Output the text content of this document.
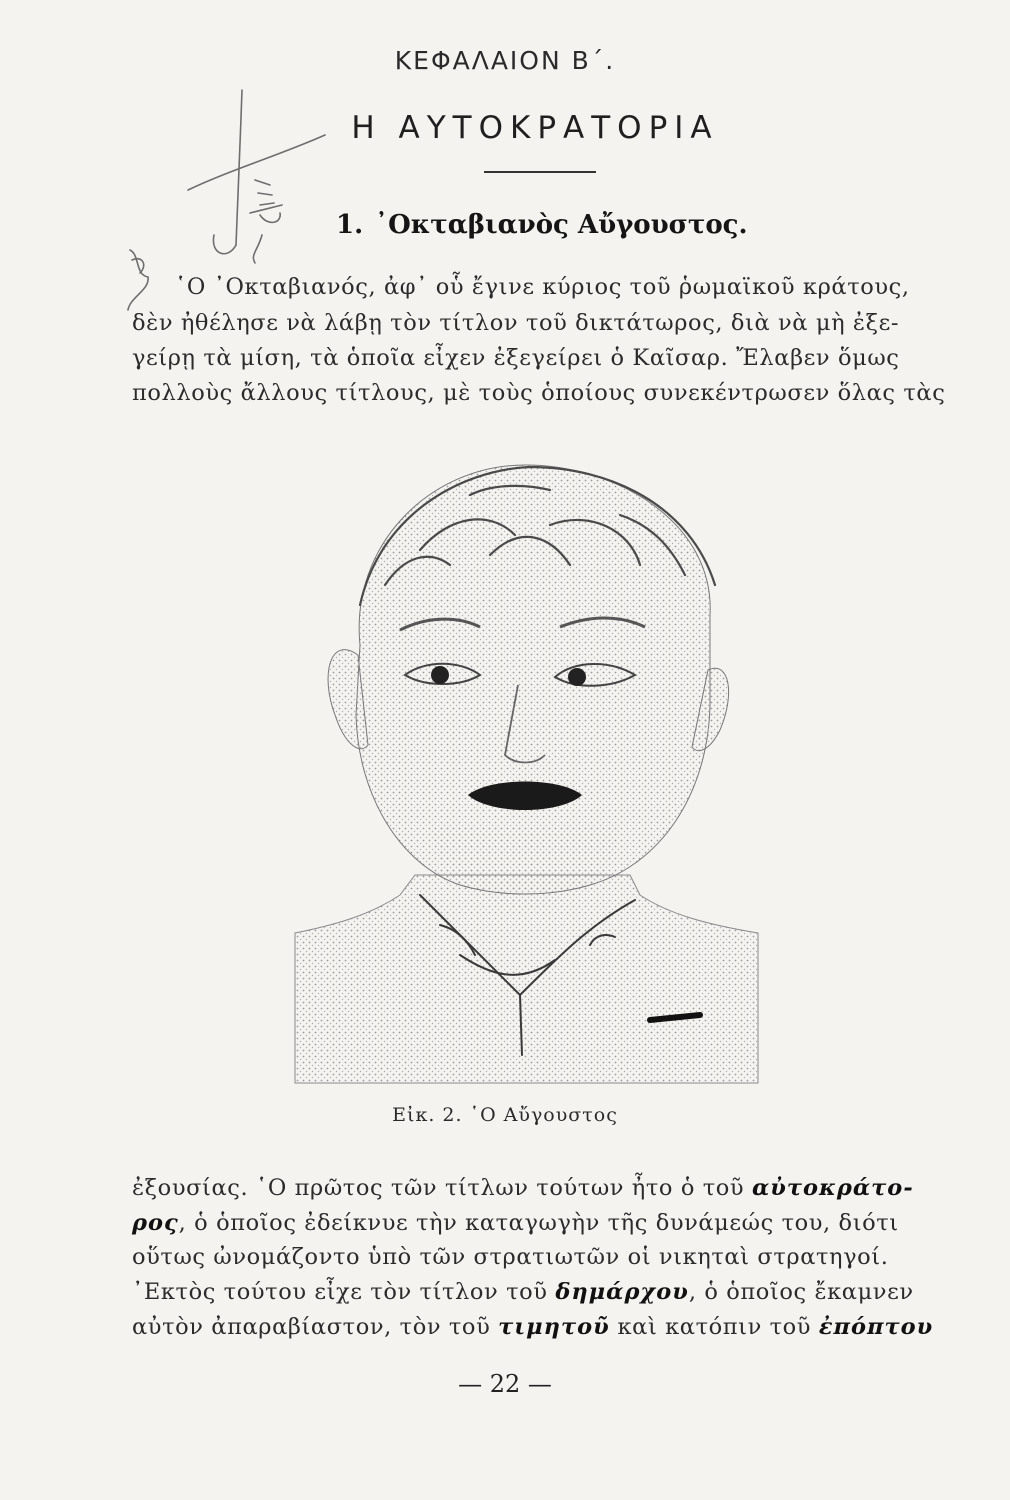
ΚΕΦΑΛΑΙΟΝ Β΄.
Η ΑΥΤΟΚΡΑΤΟΡΙΑ
1. ᾿Οκταβιανὸς Αὔγουστος.
῾Ο ᾿Οκταβιανός, ἀφ᾿ οὗ ἔγινε κύριος τοῦ ῥωμαϊκοῦ κράτους,
δὲν ἠθέλησε νὰ λάβῃ τὸν τίτλον τοῦ δικτάτωρος, διὰ νὰ μὴ ἐξε-
γείρῃ τὰ μίση, τὰ ὁποῖα εἶχεν ἐξεγείρει ὁ Καῖσαρ. Ἔλαβεν ὅμως
πολλοὺς ἄλλους τίτλους, μὲ τοὺς ὁποίους συνεκέντρωσεν ὅλας τὰς
Εἰκ. 2. ῾Ο Αὔγουστος
ἐξουσίας. ῾Ο πρῶτος τῶν τίτλων τούτων ἦτο ὁ τοῦ αὐτοκράτο-
ρος, ὁ ὁποῖος ἐδείκνυε τὴν καταγωγὴν τῆς δυνάμεώς του, διότι
οὕτως ὠνομάζοντο ὑπὸ τῶν στρατιωτῶν οἱ νικηταὶ στρατηγοί.
᾿Εκτὸς τούτου εἶχε τὸν τίτλον τοῦ δημάρχου, ὁ ὁποῖος ἔκαμνεν
αὐτὸν ἀπαραβίαστον, τὸν τοῦ τιμητοῦ καὶ κατόπιν τοῦ ἐπόπτου
— 22 —
